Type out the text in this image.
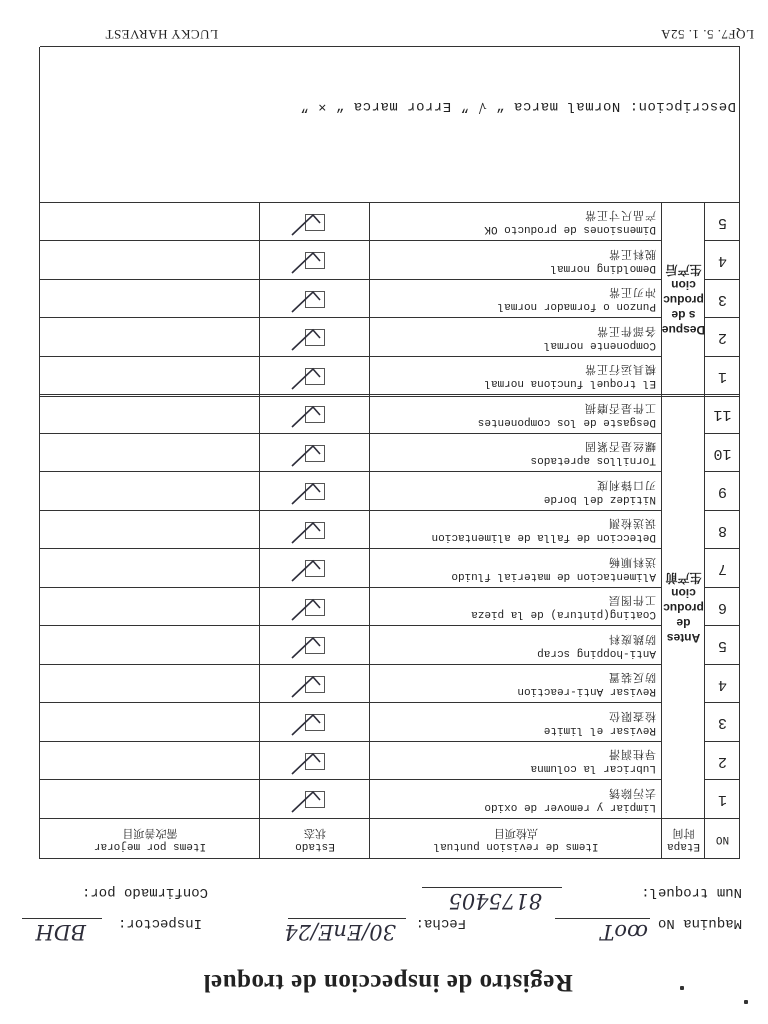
Registro de inspeccion de troquel
Maquina No
ꝏoT
Fecha:
30/EnE/24
Inspector:
BDH
Num troquel:
8175405
Confirmado por:
NO
Etapa
时间
Items de revision puntual
点检项目
Estado
状态
Items por mejorar
需改善项目
Antes
de
produc
cion
生产前
Despue
s de
produc
cion
生产后
1
Limpiar y remover de oxido
去污除锈
2
Lubricar la columna
导柱润滑
3
Revisar el limite
检查限位
4
Revisar Anti-reaction
防反装置
5
Anti-hopping scrap
防跳废料
6
Coating(pintura) de la pieza
工件图层
7
Alimentacion de material fluido
送料顺畅
8
Deteccion de falla de alimentacion
误送检测
9
Nitidez del borde
刃口锋利度
10
Tornillos apretados
螺丝是否紧固
11
Desgaste de los componentes
工件是否磨损
1
El troquel funciona normal
模具运行正常
2
Componente normal
各部件正常
3
Punzon o formador normal
冲刃正常
4
Demolding normal
脱料正常
5
Dimensiones de producto OK
产品尺寸正常
Descripcion: Normal marca “ √ ” Error marca “ × ”
LQF7. 5. 1. 52A
LUCKY HARVEST
